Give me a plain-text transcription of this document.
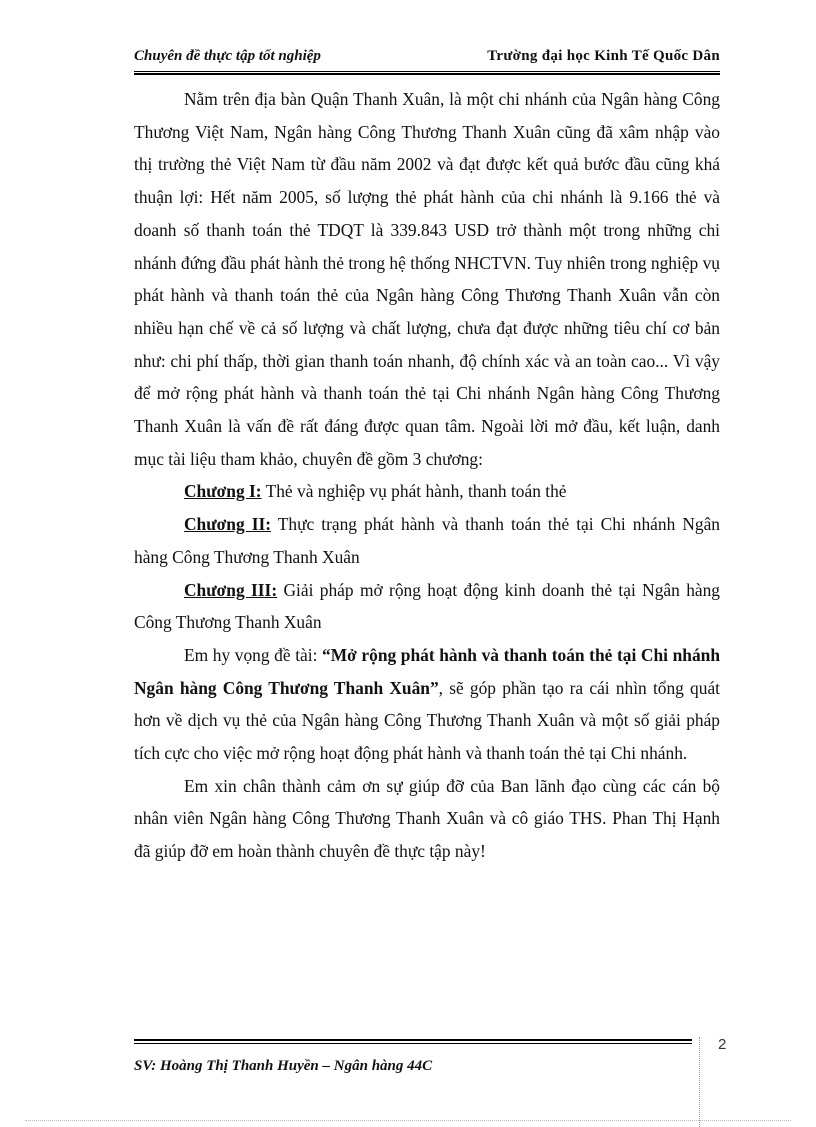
Chuyên đề thực tập tốt nghiệp	Trường đại học Kinh Tế Quốc Dân

Nằm trên địa bàn Quận Thanh Xuân, là một chi nhánh của Ngân hàng Công Thương Việt Nam, Ngân hàng Công Thương Thanh Xuân cũng đã xâm nhập vào thị trường thẻ Việt Nam từ đầu năm 2002 và đạt được kết quả bước đầu cũng khá thuận lợi: Hết năm 2005, số lượng thẻ phát hành của chi nhánh là 9.166 thẻ và doanh số thanh toán thẻ TDQT là 339.843 USD trở thành một trong những chi nhánh đứng đầu phát hành thẻ trong hệ thống NHCTVN. Tuy nhiên trong nghiệp vụ phát hành và thanh toán thẻ của Ngân hàng Công Thương Thanh Xuân vẫn còn nhiều hạn chế về cả số lượng và chất lượng, chưa đạt được những tiêu chí cơ bản như: chi phí thấp, thời gian thanh toán nhanh, độ chính xác và an toàn cao... Vì vậy để mở rộng phát hành và thanh toán thẻ tại Chi nhánh Ngân hàng Công Thương Thanh Xuân là vấn đề rất đáng được quan tâm. Ngoài lời mở đầu, kết luận, danh mục tài liệu tham khảo, chuyên đề gồm 3 chương:

Chương I: Thẻ và nghiệp vụ phát hành, thanh toán thẻ

Chương II: Thực trạng phát hành và thanh toán thẻ tại Chi nhánh Ngân hàng Công Thương Thanh Xuân

Chương III: Giải pháp mở rộng hoạt động kinh doanh thẻ tại Ngân hàng Công Thương Thanh Xuân

Em hy vọng đề tài: “Mở rộng phát hành và thanh toán thẻ tại Chi nhánh Ngân hàng Công Thương Thanh Xuân”, sẽ góp phần tạo ra cái nhìn tổng quát hơn về dịch vụ thẻ của Ngân hàng Công Thương Thanh Xuân và một số giải pháp tích cực cho việc mở rộng hoạt động phát hành và thanh toán thẻ tại Chi nhánh.

Em xin chân thành cảm ơn sự giúp đỡ của Ban lãnh đạo cùng các cán bộ nhân viên Ngân hàng Công Thương Thanh Xuân và cô giáo THS. Phan Thị Hạnh đã giúp đỡ em hoàn thành chuyên đề thực tập này!

2
SV: Hoàng Thị Thanh Huyền – Ngân hàng 44C
